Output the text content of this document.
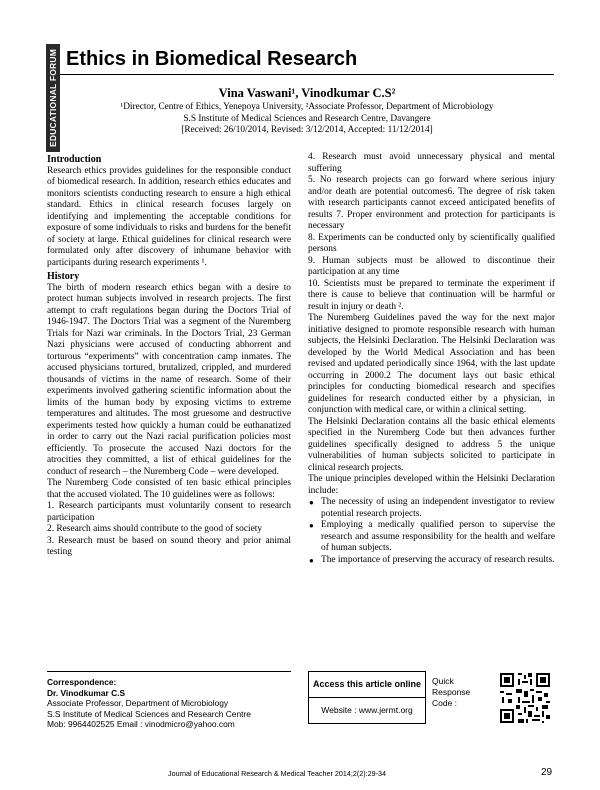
EDUCATIONAL FORUM Ethics in Biomedical Research
Vina Vaswani¹, Vinodkumar C.S²
¹Director, Centre of Ethics, Yenepoya University, ²Associate Professor, Department of Microbiology
S.S Institute of Medical Sciences and Research Centre, Davangere
[Received: 26/10/2014, Revised: 3/12/2014, Accepted: 11/12/2014]
Introduction

Research ethics provides guidelines for the responsible conduct of biomedical research. In addition, research ethics educates and monitors scientists conducting research to ensure a high ethical standard. Ethics in clinical research focuses largely on identifying and implementing the acceptable conditions for exposure of some individuals to risks and burdens for the benefit of society at large. Ethical guidelines for clinical research were formulated only after discovery of inhumane behavior with participants during research experiments ¹.

History

The birth of modern research ethics began with a desire to protect human subjects involved in research projects. The first attempt to craft regulations began during the Doctors Trial of 1946-1947. The Doctors Trial was a segment of the Nuremberg Trials for Nazi war criminals. In the Doctors Trial, 23 German Nazi physicians were accused of conducting abhorrent and torturous “experiments” with concentration camp inmates. The accused physicians tortured, brutalized, crippled, and murdered thousands of victims in the name of research. Some of their experiments involved gathering scientific information about the limits of the human body by exposing victims to extreme temperatures and altitudes. The most gruesome and destructive experiments tested how quickly a human could be euthanatized in order to carry out the Nazi racial purification policies most efficiently. To prosecute the accused Nazi doctors for the atrocities they committed, a list of ethical guidelines for the conduct of research – the Nuremberg Code – were developed.

The Nuremberg Code consisted of ten basic ethical principles that the accused violated. The 10 guidelines were as follows:

1. Research participants must voluntarily consent to research participation

2. Research aims should contribute to the good of society

3. Research must be based on sound theory and prior animal testing

4. Research must avoid unnecessary physical and mental suffering

5. No research projects can go forward where serious injury and/or death are potential outcomes6. The degree of risk taken with research participants cannot exceed anticipated benefits of results 7. Proper environment and protection for participants is necessary

8. Experiments can be conducted only by scientifically qualified persons

9. Human subjects must be allowed to discontinue their participation at any time

10. Scientists must be prepared to terminate the experiment if there is cause to believe that continuation will be harmful or result in injury or death ².

The Nuremberg Guidelines paved the way for the next major initiative designed to promote responsible research with human subjects, the Helsinki Declaration. The Helsinki Declaration was developed by the World Medical Association and has been revised and updated periodically since 1964, with the last update occurring in 2000.2 The document lays out basic ethical principles for conducting biomedical research and specifies guidelines for research conducted either by a physician, in conjunction with medical care, or within a clinical setting.

The Helsinki Declaration contains all the basic ethical elements specified in the Nuremberg Code but then advances further guidelines specifically designed to address 5 the unique vulnerabilities of human subjects solicited to participate in clinical research projects.

The unique principles developed within the Helsinki Declaration include:

● The necessity of using an independent investigator to review potential research projects.
● Employing a medically qualified person to supervise the research and assume responsibility for the health and welfare of human subjects.
● The importance of preserving the accuracy of research results.
Correspondence:
Dr. Vinodkumar C.S
Associate Professor, Department of Microbiology
S.S Institute of Medical Sciences and Research Centre
Mob: 9964402525 Email : vinodmicro@yahoo.com
Access this article online
Website : www.jermt.org
Quick
Response
Code :
Journal of Educational Research & Medical Teacher 2014;2(2):29-34	29
